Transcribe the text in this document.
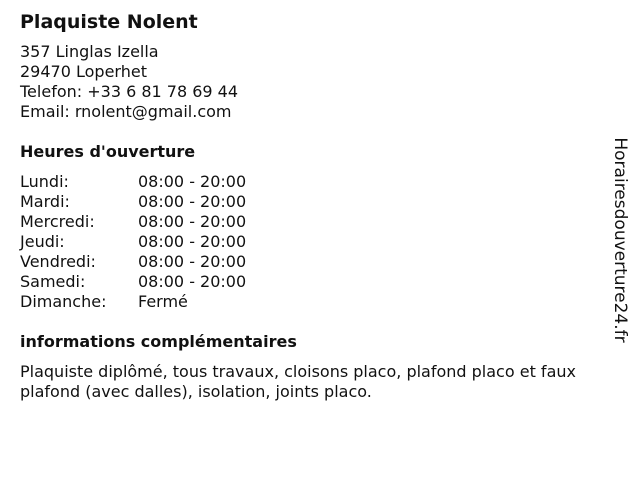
Plaquiste Nolent
357 Linglas Izella
29470 Loperhet
Telefon: +33 6 81 78 69 44
Email: rnolent@gmail.com
Heures d'ouverture
Lundi:	08:00 - 20:00
Mardi:	08:00 - 20:00
Mercredi:	08:00 - 20:00
Jeudi:	08:00 - 20:00
Vendredi:	08:00 - 20:00
Samedi:	08:00 - 20:00
Dimanche: Fermé
informations complémentaires
Plaquiste diplômé, tous travaux, cloisons placo, plafond placo et faux
plafond (avec dalles), isolation, joints placo.
Horairesdouverture24.fr
